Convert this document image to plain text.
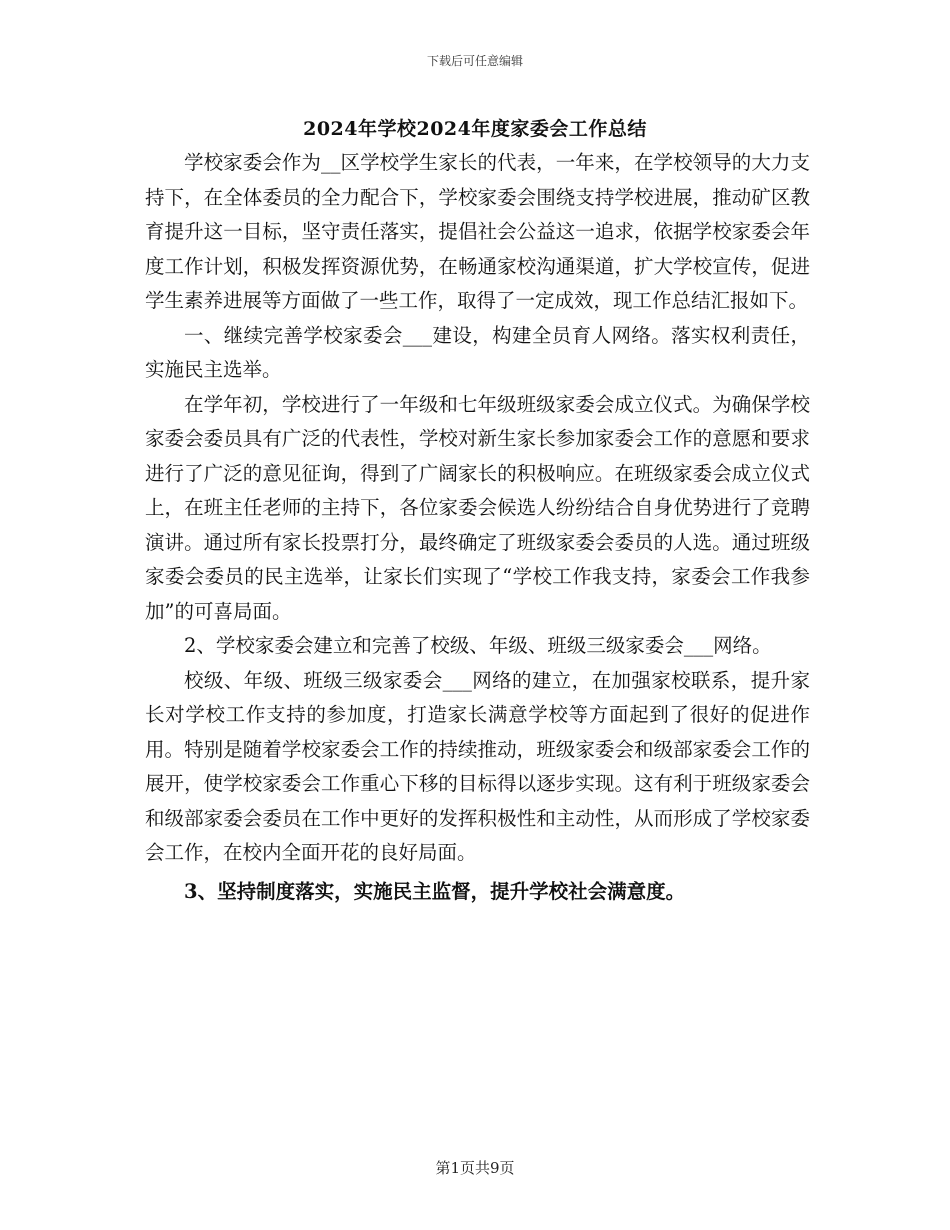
下载后可任意编辑
2024年学校2024年度家委会工作总结

学校家委会作为__区学校学生家长的代表，一年来，在学校领导的大力支持下，在全体委员的全力配合下，学校家委会围绕支持学校进展，推动矿区教育提升这一目标，坚守责任落实，提倡社会公益这一追求，依据学校家委会年度工作计划，积极发挥资源优势，在畅通家校沟通渠道，扩大学校宣传，促进学生素养进展等方面做了一些工作，取得了一定成效，现工作总结汇报如下。

一、继续完善学校家委会___建设，构建全员育人网络。落实权利责任，实施民主选举。

在学年初，学校进行了一年级和七年级班级家委会成立仪式。为确保学校家委会委员具有广泛的代表性，学校对新生家长参加家委会工作的意愿和要求进行了广泛的意见征询，得到了广阔家长的积极响应。在班级家委会成立仪式上，在班主任老师的主持下，各位家委会候选人纷纷结合自身优势进行了竞聘演讲。通过所有家长投票打分，最终确定了班级家委会委员的人选。通过班级家委会委员的民主选举，让家长们实现了“学校工作我支持，家委会工作我参加”的可喜局面。

2、学校家委会建立和完善了校级、年级、班级三级家委会___网络。

校级、年级、班级三级家委会___网络的建立，在加强家校联系，提升家长对学校工作支持的参加度，打造家长满意学校等方面起到了很好的促进作用。特别是随着学校家委会工作的持续推动，班级家委会和级部家委会工作的展开，使学校家委会工作重心下移的目标得以逐步实现。这有利于班级家委会和级部家委会委员在工作中更好的发挥积极性和主动性，从而形成了学校家委会工作，在校内全面开花的良好局面。

3、坚持制度落实，实施民主监督，提升学校社会满意度。

第1页共9页
